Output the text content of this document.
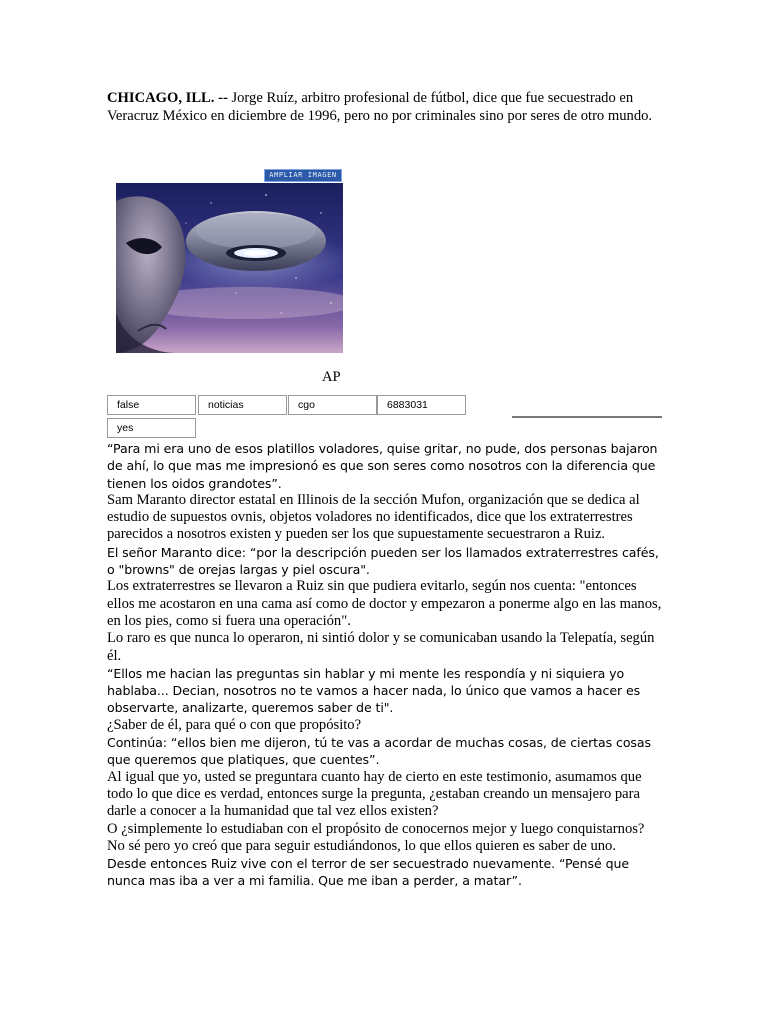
CHICAGO, ILL. -- Jorge Ruíz, arbitro profesional de fútbol, dice que fue secuestrado en Veracruz México en diciembre de 1996, pero no por criminales sino por seres de otro mundo.

AMPLIAR IMAGEN
AP
false	noticias	cgo	6883031
yes

“Para mi era uno de esos platillos voladores, quise gritar, no pude, dos personas bajaron de ahí, lo que mas me impresionó es que son seres como nosotros con la diferencia que tienen los oidos grandotes”.

Sam Maranto director estatal en Illinois de la sección Mufon, organización que se dedica al estudio de supuestos ovnis, objetos voladores no identificados, dice que los extraterrestres parecidos a nosotros existen y pueden ser los que supuestamente secuestraron a Ruiz.

El señor Maranto dice: “por la descripción pueden ser los llamados extraterrestres cafés, o "browns" de orejas largas y piel oscura".

Los extraterrestres se llevaron a Ruiz sin que pudiera evitarlo, según nos cuenta: "entonces ellos me acostaron en una cama así como de doctor y empezaron a ponerme algo en las manos, en los pies, como si fuera una operación".

Lo raro es que nunca lo operaron, ni sintió dolor y se comunicaban usando la Telepatía, según él.

“Ellos me hacian las preguntas sin hablar y mi mente les respondía y ni siquiera yo hablaba... Decian, nosotros no te vamos a hacer nada, lo único que vamos a hacer es observarte, analizarte, queremos saber de ti".

¿Saber de él, para qué o con que propósito?

Continúa: “ellos bien me dijeron, tú te vas a acordar de muchas cosas, de ciertas cosas que queremos que platiques, que cuentes”.

Al igual que yo, usted se preguntara cuanto hay de cierto en este testimonio, asumamos que todo lo que dice es verdad, entonces surge la pregunta, ¿estaban creando un mensajero para darle a conocer a la humanidad que tal vez ellos existen?

O ¿simplemente lo estudiaban con el propósito de conocernos mejor y luego conquistarnos?

No sé pero yo creó que para seguir estudiándonos, lo que ellos quieren es saber de uno.

Desde entonces Ruiz vive con el terror de ser secuestrado nuevamente. “Pensé que nunca mas iba a ver a mi familia. Que me iban a perder, a matar”.
